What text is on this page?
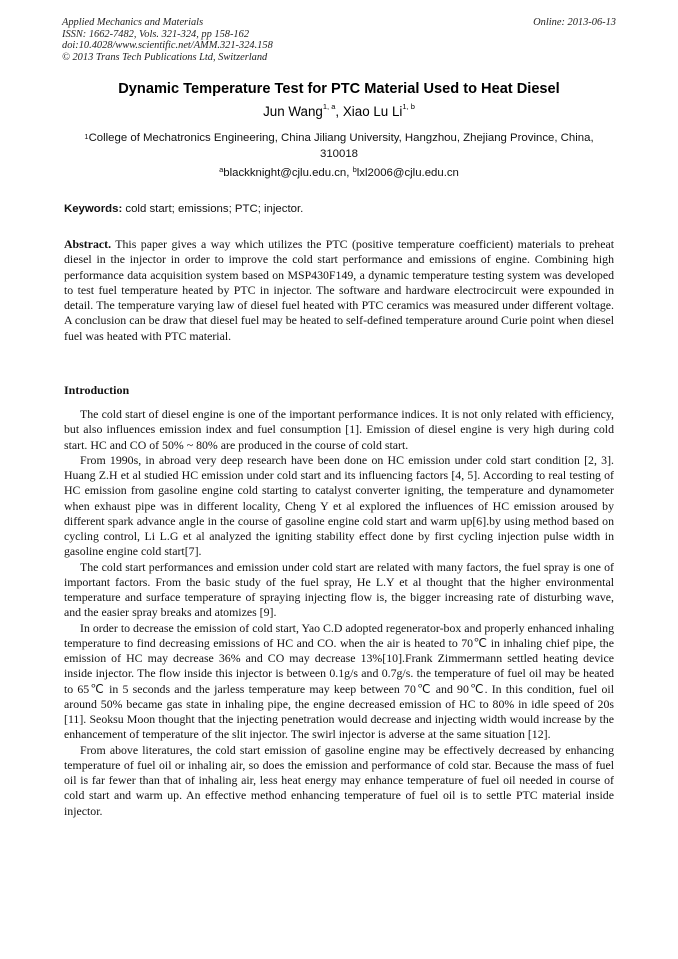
Applied Mechanics and Materials
ISSN: 1662-7482, Vols. 321-324, pp 158-162
doi:10.4028/www.scientific.net/AMM.321-324.158
© 2013 Trans Tech Publications Ltd, Switzerland
Online: 2013-06-13
Dynamic Temperature Test for PTC Material Used to Heat Diesel
Jun Wang$^{1, a}$, Xiao Lu Li$^{1, b}$
$^1$College of Mechatronics Engineering, China Jiliang University, Hangzhou, Zhejiang Province, China, 310018
$^a$blackknight@cjlu.edu.cn, $^b$lxl2006@cjlu.edu.cn
Keywords: cold start; emissions; PTC; injector.
Abstract. This paper gives a way which utilizes the PTC (positive temperature coefficient) materials to preheat diesel in the injector in order to improve the cold start performance and emissions of engine. Combining high performance data acquisition system based on MSP430F149, a dynamic temperature testing system was developed to test fuel temperature heated by PTC in injector. The software and hardware electrocircuit were expounded in detail. The temperature varying law of diesel fuel heated with PTC ceramics was measured under different voltage. A conclusion can be draw that diesel fuel may be heated to self-defined temperature around Curie point when diesel fuel was heated with PTC material.
Introduction

The cold start of diesel engine is one of the important performance indices. It is not only related with efficiency, but also influences emission index and fuel consumption [1]. Emission of diesel engine is very high during cold start. HC and CO of 50% ~ 80% are produced in the course of cold start.

From 1990s, in abroad very deep research have been done on HC emission under cold start condition [2, 3]. Huang Z.H et al studied HC emission under cold start and its influencing factors [4, 5]. According to real testing of HC emission from gasoline engine cold starting to catalyst converter igniting, the temperature and dynamometer when exhaust pipe was in different locality, Cheng Y et al explored the influences of HC emission aroused by different spark advance angle in the course of gasoline engine cold start and warm up[6].by using method based on cycling control, Li L.G et al analyzed the igniting stability effect done by first cycling injection pulse width in gasoline engine cold start[7].

The cold start performances and emission under cold start are related with many factors, the fuel spray is one of important factors. From the basic study of the fuel spray, He L.Y et al thought that the higher environmental temperature and surface temperature of spraying injecting flow is, the bigger increasing rate of disturbing wave, and the easier spray breaks and atomizes [9].

In order to decrease the emission of cold start, Yao C.D adopted regenerator-box and properly enhanced inhaling temperature to find decreasing emissions of HC and CO. when the air is heated to 70℃ in inhaling chief pipe, the emission of HC may decrease 36% and CO may decrease 13%[10].Frank Zimmermann settled heating device inside injector. The flow inside this injector is between 0.1g/s and 0.7g/s. the temperature of fuel oil may be heated to 65℃ in 5 seconds and the jarless temperature may keep between 70℃ and 90℃. In this condition, fuel oil around 50% became gas state in inhaling pipe, the engine decreased emission of HC to 80% in idle speed of 20s [11]. Seoksu Moon thought that the injecting penetration would decrease and injecting width would increase by the enhancement of temperature of the slit injector. The swirl injector is adverse at the same situation [12].

From above literatures, the cold start emission of gasoline engine may be effectively decreased by enhancing temperature of fuel oil or inhaling air, so does the emission and performance of cold star. Because the mass of fuel oil is far fewer than that of inhaling air, less heat energy may enhance temperature of fuel oil needed in course of cold start and warm up. An effective method enhancing temperature of fuel oil is to settle PTC material inside injector.
